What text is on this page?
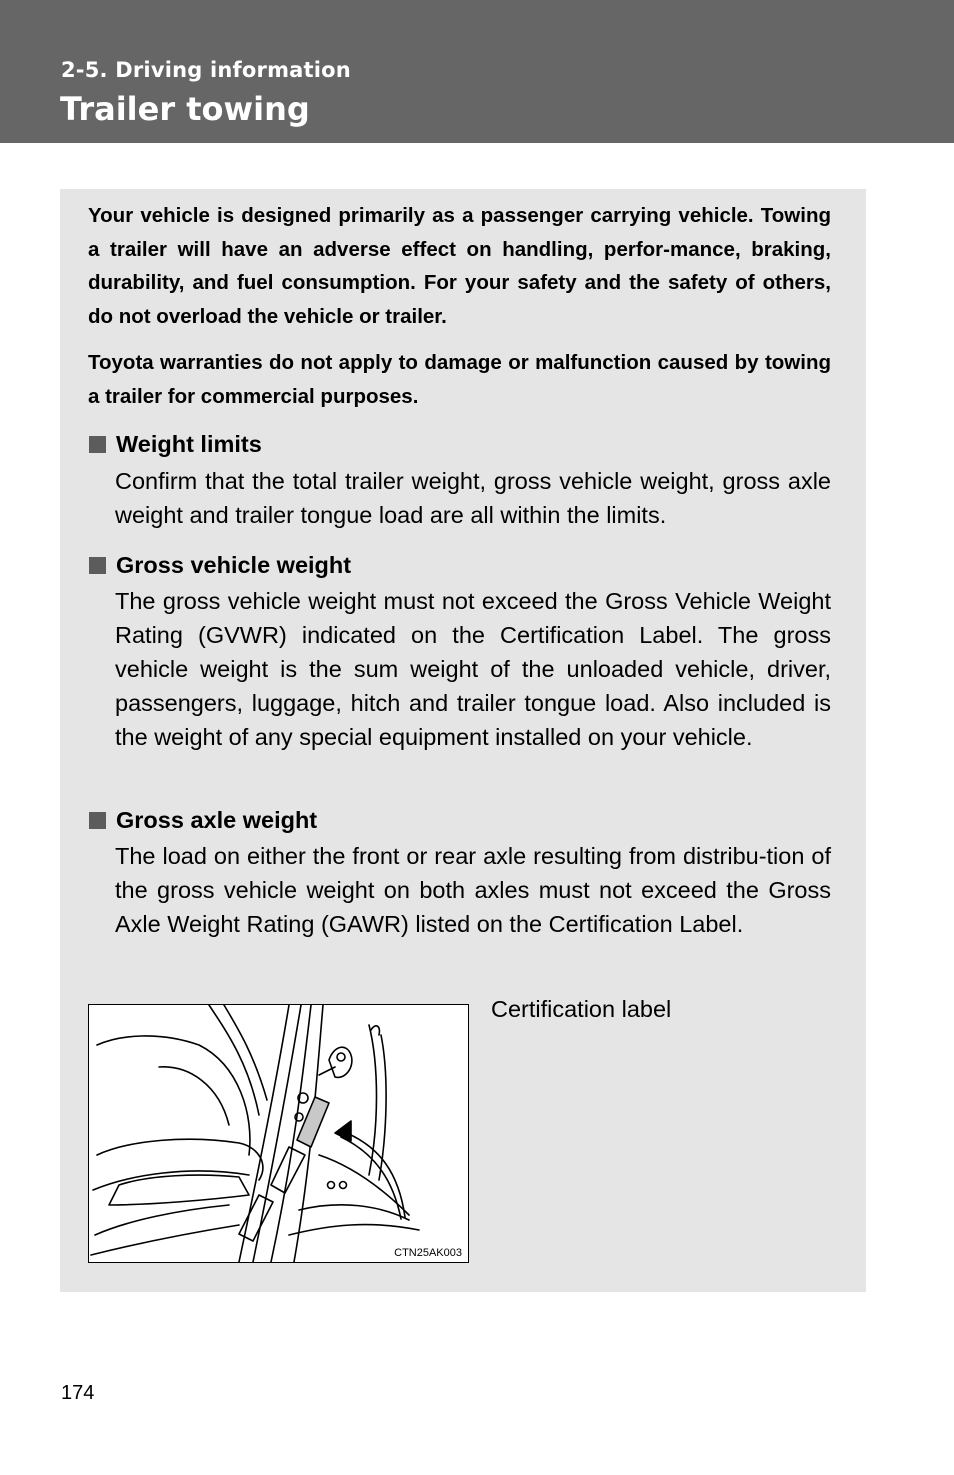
2-5. Driving information
Trailer towing

Your vehicle is designed primarily as a passenger carrying vehicle. Towing a trailer will have an adverse effect on handling, perfor-mance, braking, durability, and fuel consumption. For your safety and the safety of others, do not overload the vehicle or trailer.

Toyota warranties do not apply to damage or malfunction caused by towing a trailer for commercial purposes.

Weight limits

Confirm that the total trailer weight, gross vehicle weight, gross axle weight and trailer tongue load are all within the limits.

Gross vehicle weight

The gross vehicle weight must not exceed the Gross Vehicle Weight Rating (GVWR) indicated on the Certification Label. The gross vehicle weight is the sum weight of the unloaded vehicle, driver, passengers, luggage, hitch and trailer tongue load. Also included is the weight of any special equipment installed on your vehicle.

Gross axle weight

The load on either the front or rear axle resulting from distribu-tion of the gross vehicle weight on both axles must not exceed the Gross Axle Weight Rating (GAWR) listed on the Certification Label.

CTN25AK003
Certification label
174
